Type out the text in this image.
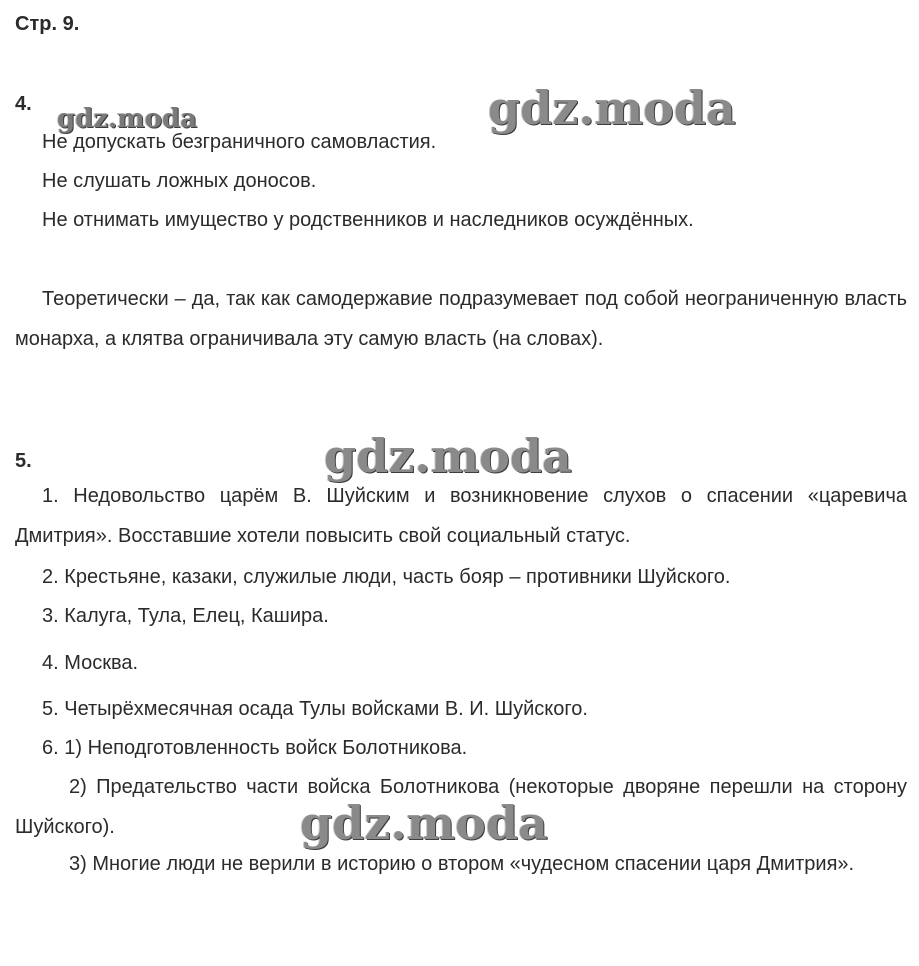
Стр. 9.
4.
Не допускать безграничного самовластия.
Не слушать ложных доносов.
Не отнимать имущество у родственников и наследников осуждённых.

Теоретически – да, так как самодержавие подразумевает под собой неограниченную власть монарха, а клятва ограничивала эту самую власть (на словах).

5.

1. Недовольство царём В. Шуйским и возникновение слухов о спасении «царевича Дмитрия». Восставшие хотели повысить свой социальный статус.

2. Крестьяне, казаки, служилые люди, часть бояр – противники Шуйского.
3. Калуга, Тула, Елец, Кашира.
4. Москва.
5. Четырёхмесячная осада Тулы войсками В. И. Шуйского.
6. 1) Неподготовленность войск Болотникова.

2) Предательство части войска Болотникова (некоторые дворяне перешли на сторону Шуйского).

3) Многие люди не верили в историю о втором «чудесном спасении царя Дмитрия».

gdz.moda	gdz.moda
gdz.moda
gdz.moda
